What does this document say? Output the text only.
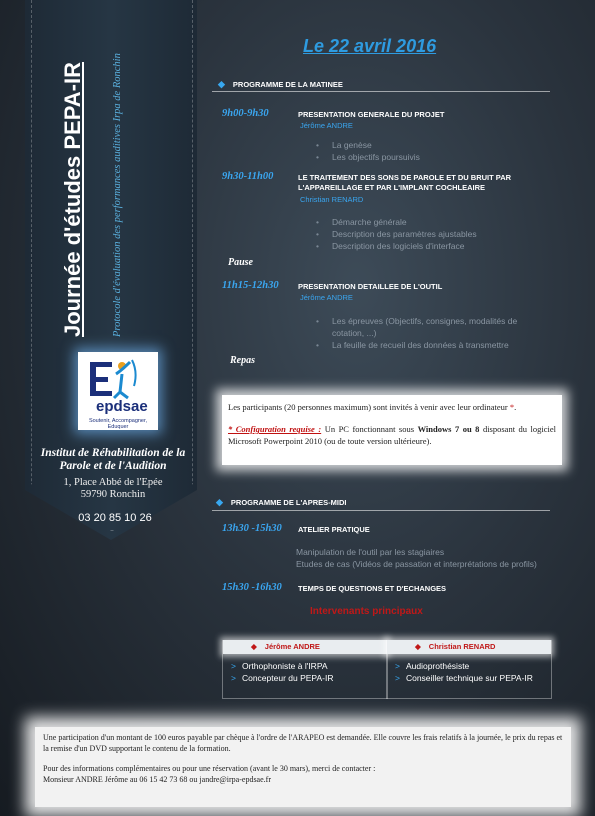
Journée d'études PEPA-IR	Protocole d'évaluation des performances auditives Irpa de Ronchin
epdsae
Soutenir, Accompagner, Eduquer
Institut de Réhabilitation de la Parole et de l'Audition
1, Place Abbé de l'Epée
59790 Ronchin
03 20 85 10 26
Le 22 avril 2016
◆ PROGRAMME DE LA MATINEE
9h00-9h30	PRESENTATION GENERALE DU PROJET
Jérôme ANDRE
• La genèse
• Les objectifs poursuivis
9h30-11h00	LE TRAITEMENT DES SONS DE PAROLE ET DU BRUIT PAR
L'APPAREILLAGE ET PAR L'IMPLANT COCHLEAIRE
Christian RENARD
• Démarche générale
• Description des paramètres ajustables
• Description des logiciels d'interface
Pause
11h15-12h30	PRESENTATION DETAILLEE DE L'OUTIL
Jérôme ANDRE
• Les épreuves (Objectifs, consignes, modalités de
cotation, ...)
• La feuille de recueil des données à transmettre
Repas
Les participants (20 personnes maximum) sont invités à venir avec leur ordinateur *.
* Configuration requise : Un PC fonctionnant sous Windows 7 ou 8 disposant du logiciel Microsoft Powerpoint 2010 (ou de toute version ultérieure).
◆ PROGRAMME DE L'APRES-MIDI
13h30 -15h30 ATELIER PRATIQUE
Manipulation de l'outil par les stagiaires
Etudes de cas (Vidéos de passation et interprétations de profils)
15h30 -16h30 TEMPS DE QUESTIONS ET D'ECHANGES
Intervenants principaux
◆ Jérôme ANDRE
> Orthophoniste à l'IRPA
> Concepteur du PEPA-IR
◆ Christian RENARD
> Audioprothésiste
> Conseiller technique sur PEPA-IR
Une participation d'un montant de 100 euros payable par chèque à l'ordre de l'ARAPEO est demandée. Elle couvre les frais relatifs à la journée, le prix du repas et la remise d'un DVD supportant le contenu de la formation.
Pour des informations complémentaires ou pour une réservation (avant le 30 mars), merci de contacter :
Monsieur ANDRE Jérôme au 06 15 42 73 68 ou jandre@irpa-epdsae.fr
